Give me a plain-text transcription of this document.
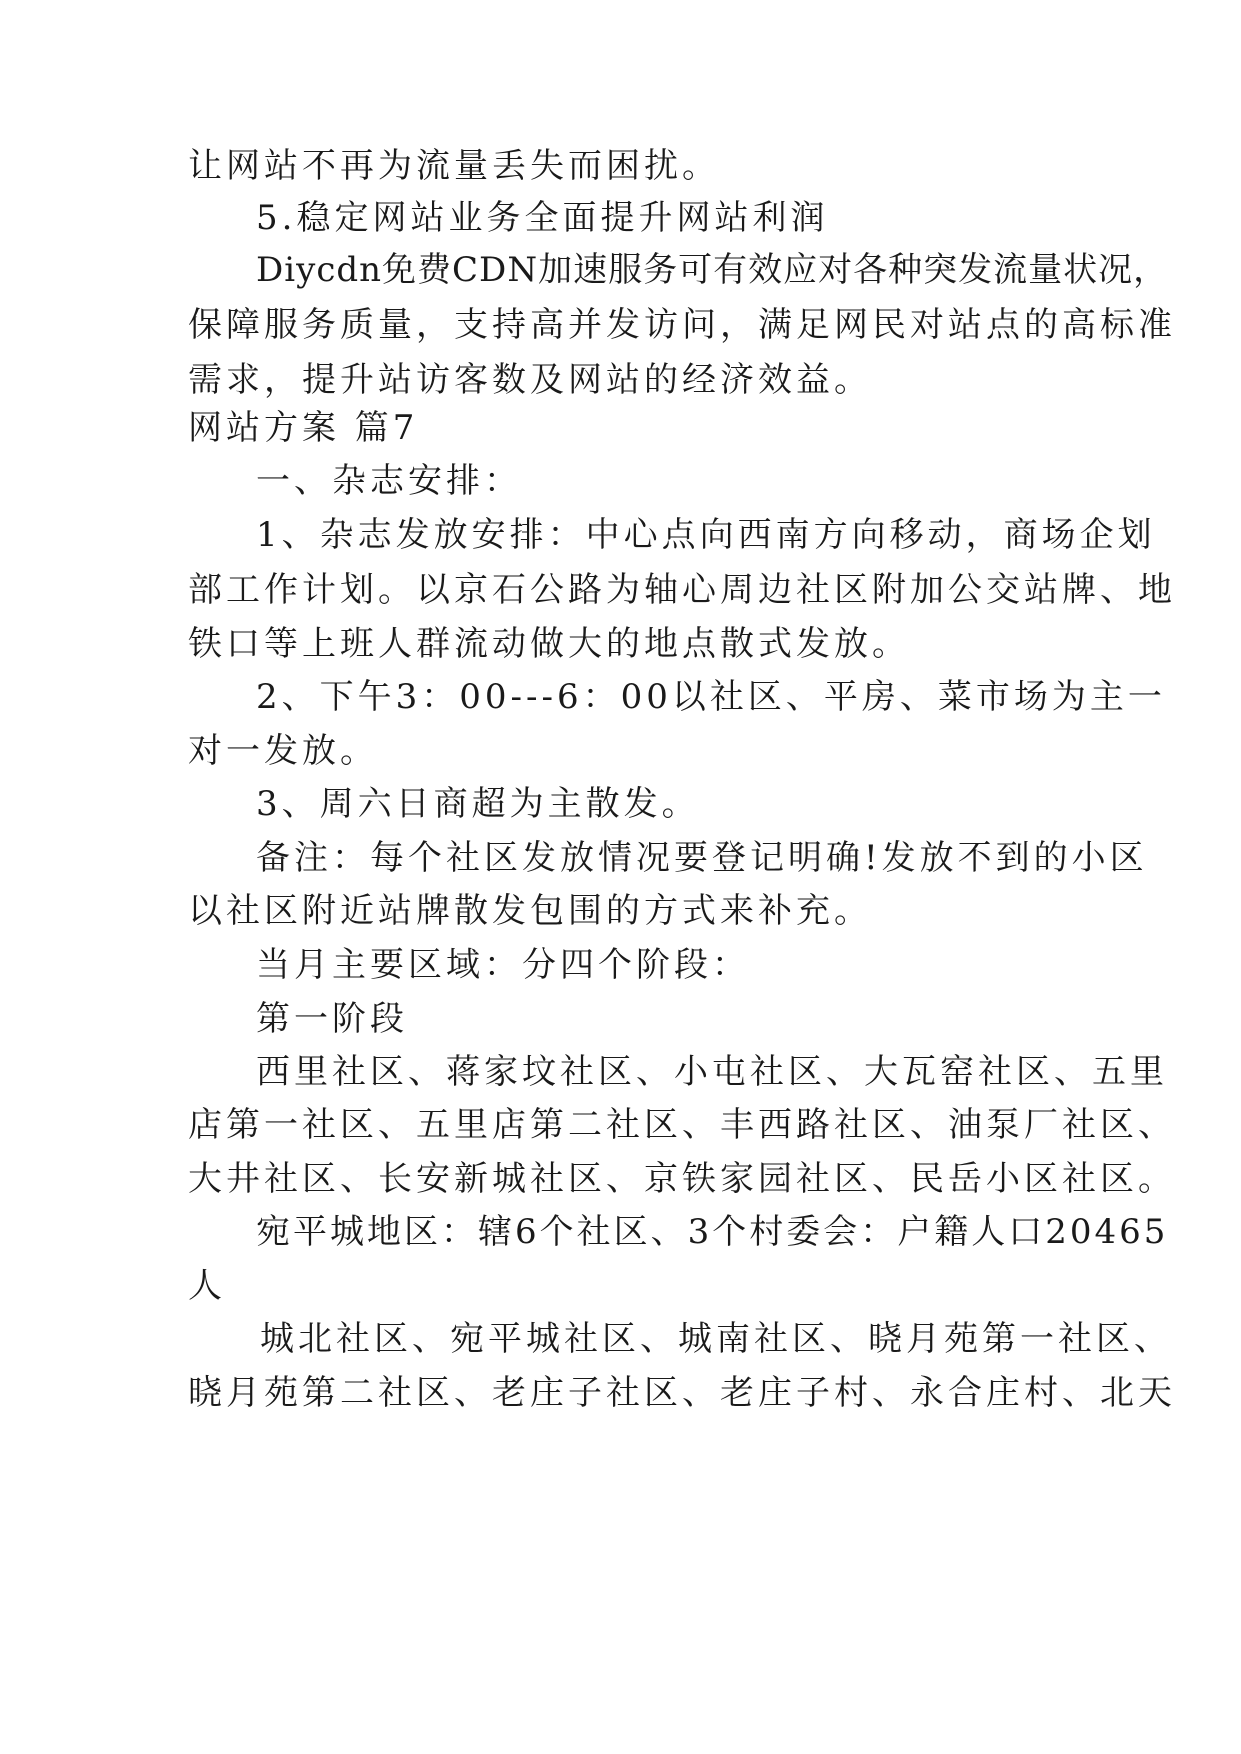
让网站不再为流量丢失而困扰。
5.稳定网站业务全面提升网站利润
Diycdn免费CDN加速服务可有效应对各种突发流量状况，
保障服务质量，支持高并发访问，满足网民对站点的高标准
需求，提升站访客数及网站的经济效益。
网站方案 篇7
一、杂志安排：
1、杂志发放安排：中心点向西南方向移动，商场企划
部工作计划。以京石公路为轴心周边社区附加公交站牌、地
铁口等上班人群流动做大的地点散式发放。
2、下午3：00---6：00以社区、平房、菜市场为主一
对一发放。
3、周六日商超为主散发。
备注：每个社区发放情况要登记明确!发放不到的小区
以社区附近站牌散发包围的方式来补充。
当月主要区域：分四个阶段：
第一阶段
西里社区、蒋家坟社区、小屯社区、大瓦窑社区、五里
店第一社区、五里店第二社区、丰西路社区、油泵厂社区、
大井社区、长安新城社区、京铁家园社区、民岳小区社区。
宛平城地区：辖6个社区、3个村委会：户籍人口20465
人
城北社区、宛平城社区、城南社区、晓月苑第一社区、
晓月苑第二社区、老庄子社区、老庄子村、永合庄村、北天
